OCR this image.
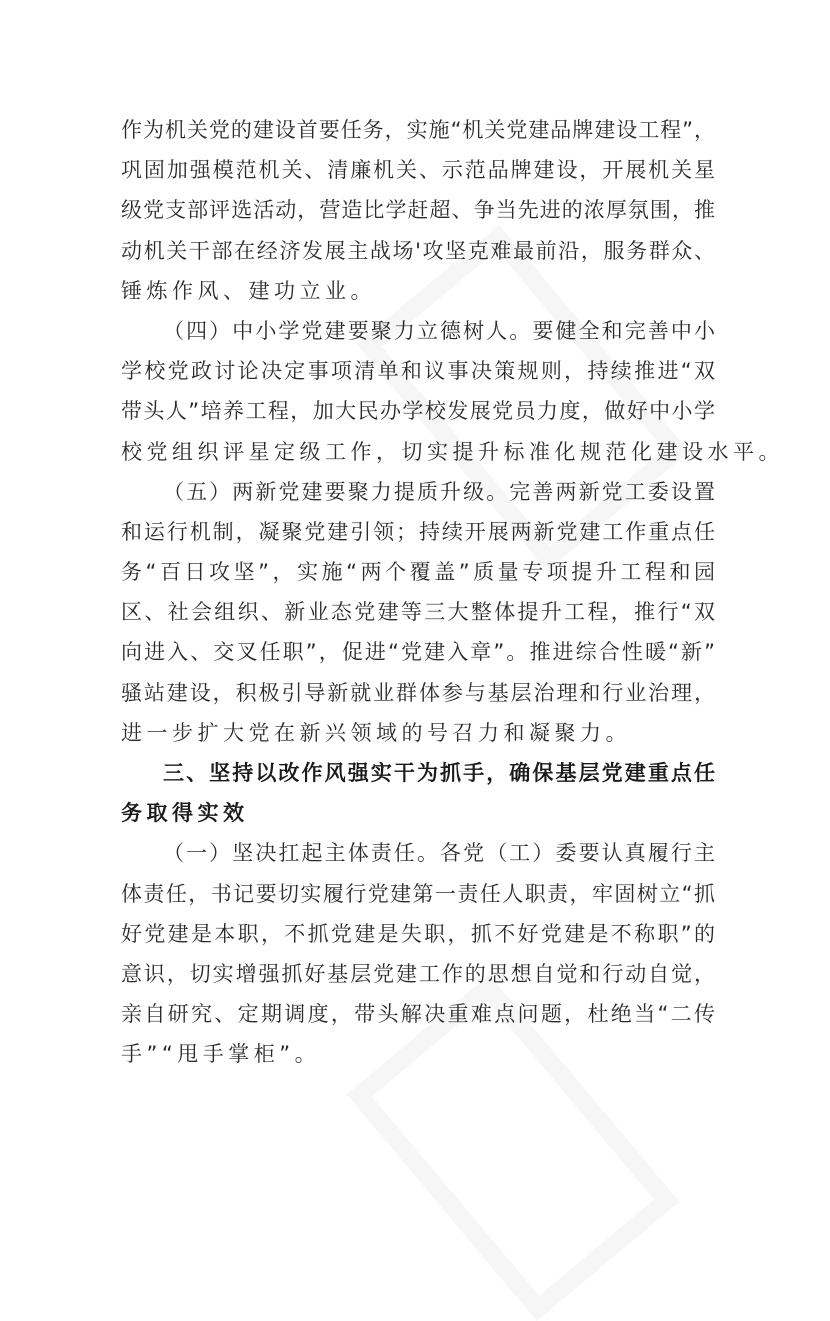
作为机关党的建设首要任务，实施“机关党建品牌建设工程”，
巩固加强模范机关、清廉机关、示范品牌建设，开展机关星
级党支部评选活动，营造比学赶超、争当先进的浓厚氛围，推
动机关干部在经济发展主战场'攻坚克难最前沿，服务群众、
锤炼作风、建功立业。
（四）中小学党建要聚力立德树人。要健全和完善中小
学校党政讨论决定事项清单和议事决策规则，持续推进“双
带头人”培养工程，加大民办学校发展党员力度，做好中小学
校党组织评星定级工作，切实提升标准化规范化建设水平。
（五）两新党建要聚力提质升级。完善两新党工委设置
和运行机制，凝聚党建引领；持续开展两新党建工作重点任
务“百日攻坚”，实施“两个覆盖”质量专项提升工程和园
区、社会组织、新业态党建等三大整体提升工程，推行“双
向进入、交叉任职”，促进“党建入章”。推进综合性暖“新”
骚站建设，积极引导新就业群体参与基层治理和行业治理，
进一步扩大党在新兴领域的号召力和凝聚力。
三、坚持以改作风强实干为抓手，确保基层党建重点任
务取得实效
（一）坚决扛起主体责任。各党（工）委要认真履行主
体责任，书记要切实履行党建第一责任人职责，牢固树立“抓
好党建是本职，不抓党建是失职，抓不好党建是不称职”的
意识，切实增强抓好基层党建工作的思想自觉和行动自觉，
亲自研究、定期调度，带头解决重难点问题，杜绝当“二传
手”“甩手掌柜”。
